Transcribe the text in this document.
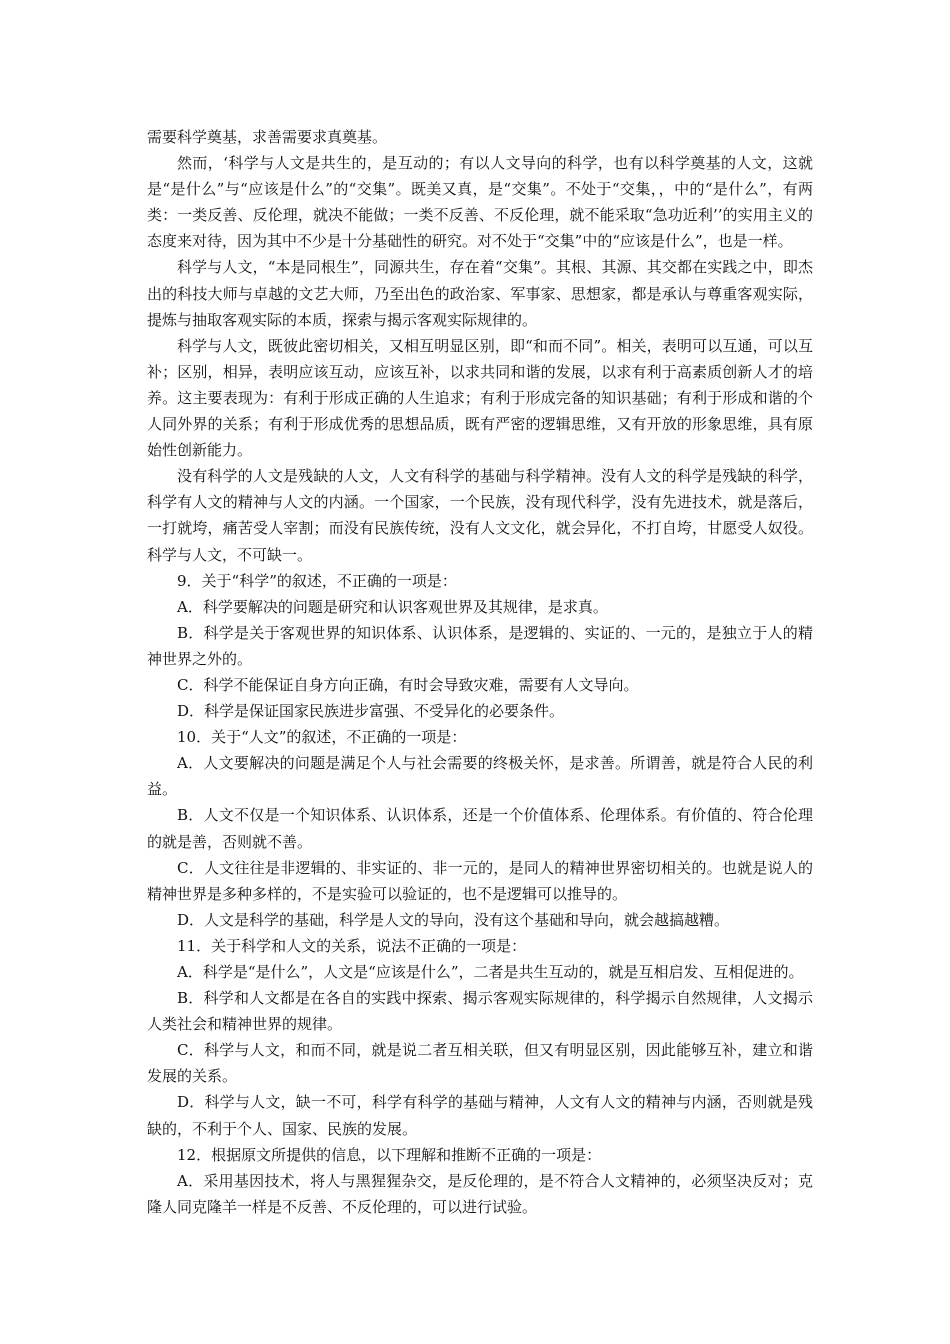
需要科学奠基，求善需要求真奠基。

然而，‘科学与人文是共生的，是互动的；有以人文导向的科学，也有以科学奠基的人文，这就是“是什么”与“应该是什么”的“交集”。既美又真，是“交集”。不处于“交集，，中的“是什么”，有两类：一类反善、反伦理，就决不能做；一类不反善、不反伦理，就不能采取“急功近利’’的实用主义的态度来对待，因为其中不少是十分基础性的研究。对不处于“交集”中的“应该是什么”，也是一样。

科学与人文，“本是同根生”，同源共生，存在着“交集”。其根、其源、其交都在实践之中，即杰出的科技大师与卓越的文艺大师，乃至出色的政治家、军事家、思想家，都是承认与尊重客观实际，提炼与抽取客观实际的本质，探索与揭示客观实际规律的。

科学与人文，既彼此密切相关，又相互明显区别，即“和而不同”。相关，表明可以互通，可以互补；区别，相异，表明应该互动，应该互补，以求共同和谐的发展，以求有利于高素质创新人才的培养。这主要表现为：有利于形成正确的人生追求；有利于形成完备的知识基础；有利于形成和谐的个人同外界的关系；有利于形成优秀的思想品质，既有严密的逻辑思维，又有开放的形象思维，具有原始性创新能力。

没有科学的人文是残缺的人文，人文有科学的基础与科学精神。没有人文的科学是残缺的科学，科学有人文的精神与人文的内涵。一个国家，一个民族，没有现代科学，没有先进技术，就是落后，一打就垮，痛苦受人宰割；而没有民族传统，没有人文文化，就会异化，不打自垮，甘愿受人奴役。科学与人文，不可缺一。

9．关于“科学”的叙述，不正确的一项是：

A．科学要解决的问题是研究和认识客观世界及其规律，是求真。

B．科学是关于客观世界的知识体系、认识体系，是逻辑的、实证的、一元的，是独立于人的精神世界之外的。

C．科学不能保证自身方向正确，有时会导致灾难，需要有人文导向。

D．科学是保证国家民族进步富强、不受异化的必要条件。

10．关于“人文”的叙述，不正确的一项是：

A．人文要解决的问题是满足个人与社会需要的终极关怀，是求善。所谓善，就是符合人民的利益。

B．人文不仅是一个知识体系、认识体系，还是一个价值体系、伦理体系。有价值的、符合伦理的就是善，否则就不善。

C．人文往往是非逻辑的、非实证的、非一元的，是同人的精神世界密切相关的。也就是说人的精神世界是多种多样的，不是实验可以验证的，也不是逻辑可以推导的。

D．人文是科学的基础，科学是人文的导向，没有这个基础和导向，就会越搞越糟。

11．关于科学和人文的关系，说法不正确的一项是：

A．科学是“是什么”，人文是“应该是什么”，二者是共生互动的，就是互相启发、互相促进的。

B．科学和人文都是在各自的实践中探索、揭示客观实际规律的，科学揭示自然规律，人文揭示人类社会和精神世界的规律。

C．科学与人文，和而不同，就是说二者互相关联，但又有明显区别，因此能够互补，建立和谐发展的关系。

D．科学与人文，缺一不可，科学有科学的基础与精神，人文有人文的精神与内涵，否则就是残缺的，不利于个人、国家、民族的发展。

12．根据原文所提供的信息，以下理解和推断不正确的一项是：

A．采用基因技术，将人与黑猩猩杂交，是反伦理的，是不符合人文精神的，必须坚决反对；克隆人同克隆羊一样是不反善、不反伦理的，可以进行试验。
